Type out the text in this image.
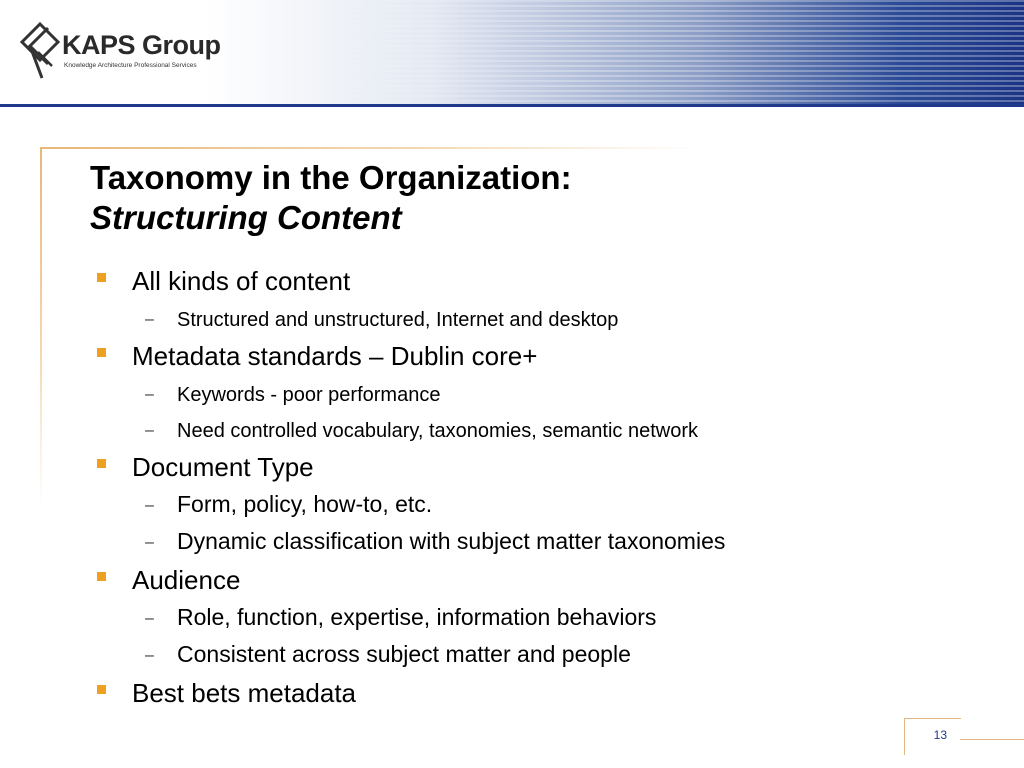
KAPS Group
Knowledge Architecture Professional Services
Taxonomy in the Organization:
Structuring Content
All kinds of content
– Structured and unstructured, Internet and desktop
Metadata standards – Dublin core+
– Keywords - poor performance
– Need controlled vocabulary, taxonomies, semantic network
Document Type
– Form, policy, how-to, etc.
– Dynamic classification with subject matter taxonomies
Audience
– Role, function, expertise, information behaviors
– Consistent across subject matter and people
Best bets metadata
13
